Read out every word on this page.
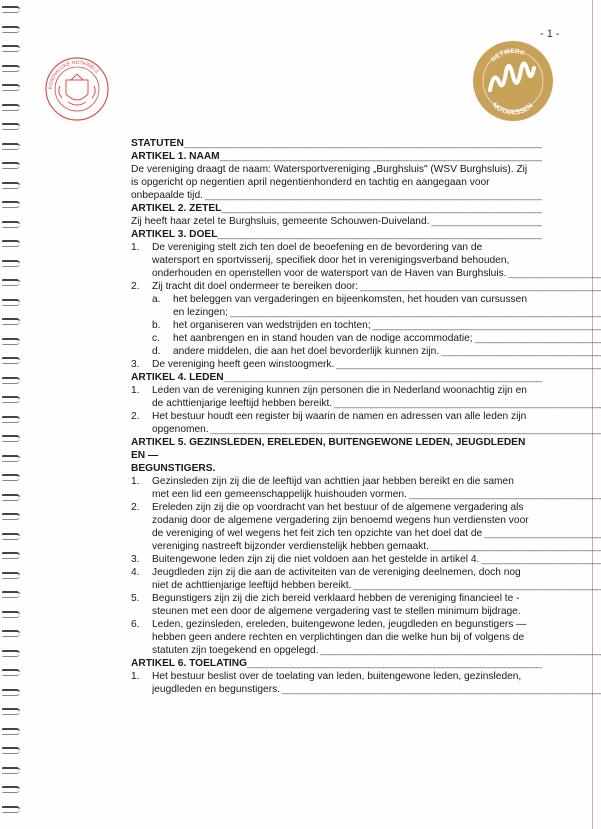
- 1 -
KONINKLIJKE NOTARIËLE
NETWERK
NOTARISSEN
STATUTEN _____
ARTIKEL 1. NAAM _____
De vereniging draagt de naam: Watersportvereniging „Burghsluis" (WSV Burghsluis). Zij
is opgericht op negentien april negentienhonderd en tachtig en aangegaan voor

onbepaalde tijd. _____
ARTIKEL 2. ZETEL _____
Zij heeft haar zetel te Burghsluis, gemeente Schouwen-Duiveland. _____
ARTIKEL 3. DOEL _____
1.	De vereniging stelt zich ten doel de beoefening en de bevordering van de
watersport en sportvisserij, specifiek door het in verenigingsverband behouden,

onderhouden en openstellen voor de watersport van de Haven van Burghsluis. _____
2.	Zij tracht dit doel ondermeer te bereiken door: _____
a.	het beleggen van vergaderingen en bijeenkomsten, het houden van cursussen

en lezingen; _____
b.	het organiseren van wedstrijden en tochten; _____
c.	het aanbrengen en in stand houden van de nodige accommodatie; _____
d.	andere middelen, die aan het doel bevorderlijk kunnen zijn. _____
3.	De vereniging heeft geen winstoogmerk. _____
ARTIKEL 4. LEDEN _____
1.	Leden van de vereniging kunnen zijn personen die in Nederland woonachtig zijn en

de achttienjarige leeftijd hebben bereikt. _____
2.	Het bestuur houdt een register bij waarin de namen en adressen van alle leden zijn

opgenomen. _____
ARTIKEL 5. GEZINSLEDEN, ERELEDEN, BUITENGEWONE LEDEN, JEUGDLEDEN EN —
BEGUNSTIGERS.
1.	Gezinsleden zijn zij die de leeftijd van achttien jaar hebben bereikt en die samen

met een lid een gemeenschappelijk huishouden vormen. _____
2.	Ereleden zijn zij die op voordracht van het bestuur of de algemene vergadering als
zodanig door de algemene vergadering zijn benoemd wegens hun verdiensten voor

de vereniging of wel wegens het feit zich ten opzichte van het doel dat de _____
vereniging nastreeft bijzonder verdienstelijk hebben gemaakt. _____
3.	Buitengewone leden zijn zij die niet voldoen aan het gestelde in artikel 4. _____
4.	Jeugdleden zijn zij die aan de activiteiten van de vereniging deelnemen, doch nog

niet de achttienjarige leeftijd hebben bereikt. _____
5.	Begunstigers zijn zij die zich bereid verklaard hebben de vereniging financieel te -
steunen met een door de algemene vergadering vast te stellen minimum bijdrage.
6.	Leden, gezinsleden, ereleden, buitengewone leden, jeugdleden en begunstigers —
hebben geen andere rechten en verplichtingen dan die welke hun bij of volgens de

statuten zijn toegekend en opgelegd. _____
ARTIKEL 6. TOELATING _____
1.	Het bestuur beslist over de toelating van leden, buitengewone leden, gezinsleden,

jeugdleden en begunstigers. _____
